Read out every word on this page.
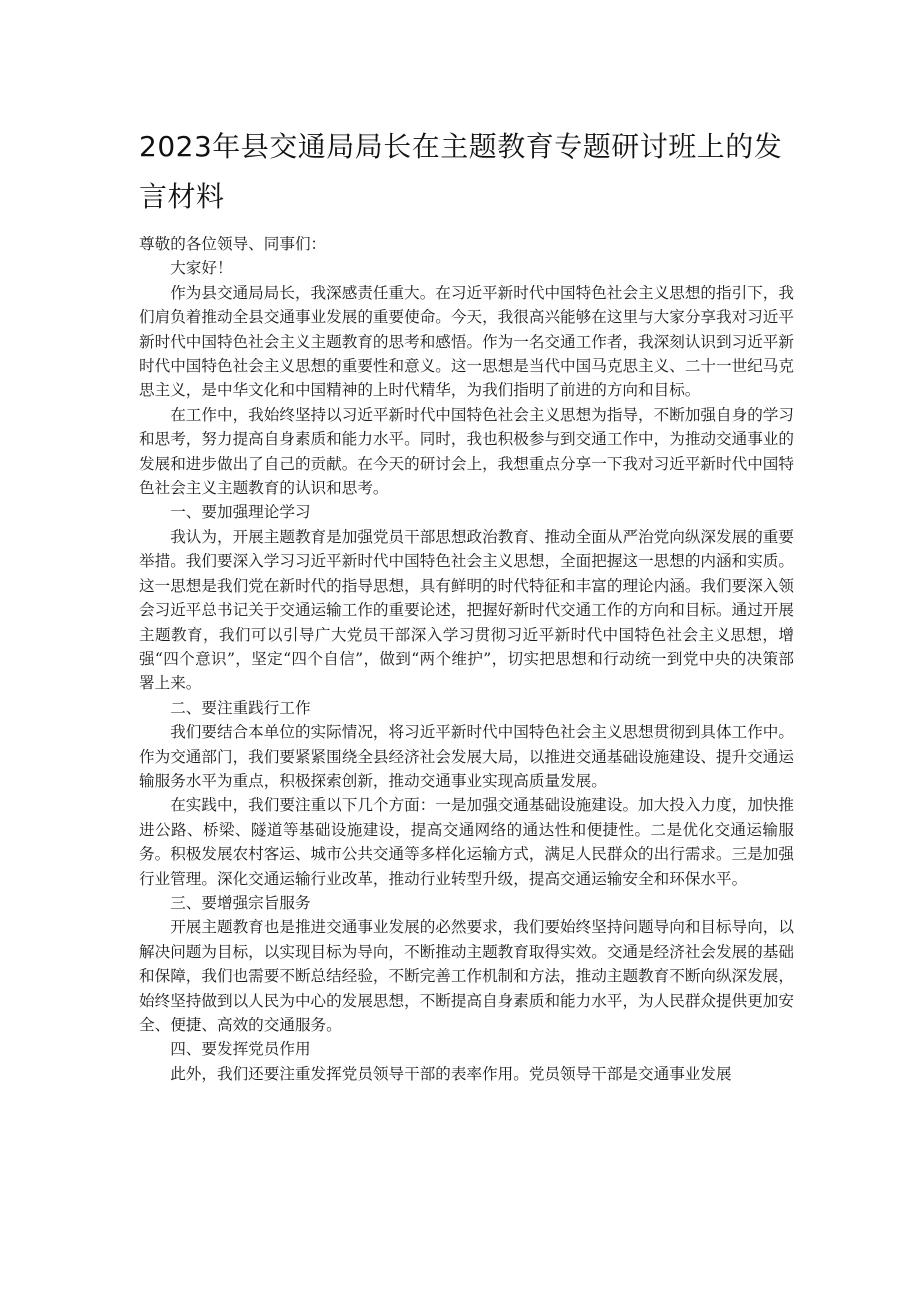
2023年县交通局局长在主题教育专题研讨班上的发言材料

尊敬的各位领导、同事们：

大家好！

作为县交通局局长，我深感责任重大。在习近平新时代中国特色社会主义思想的指引下，我们肩负着推动全县交通事业发展的重要使命。今天，我很高兴能够在这里与大家分享我对习近平新时代中国特色社会主义主题教育的思考和感悟。作为一名交通工作者，我深刻认识到习近平新时代中国特色社会主义思想的重要性和意义。这一思想是当代中国马克思主义、二十一世纪马克思主义，是中华文化和中国精神的上时代精华，为我们指明了前进的方向和目标。

在工作中，我始终坚持以习近平新时代中国特色社会主义思想为指导，不断加强自身的学习和思考，努力提高自身素质和能力水平。同时，我也积极参与到交通工作中，为推动交通事业的发展和进步做出了自己的贡献。在今天的研讨会上，我想重点分享一下我对习近平新时代中国特色社会主义主题教育的认识和思考。

一、要加强理论学习

我认为，开展主题教育是加强党员干部思想政治教育、推动全面从严治党向纵深发展的重要举措。我们要深入学习习近平新时代中国特色社会主义思想，全面把握这一思想的内涵和实质。这一思想是我们党在新时代的指导思想，具有鲜明的时代特征和丰富的理论内涵。我们要深入领会习近平总书记关于交通运输工作的重要论述，把握好新时代交通工作的方向和目标。通过开展主题教育，我们可以引导广大党员干部深入学习贯彻习近平新时代中国特色社会主义思想，增强“四个意识”，坚定“四个自信”，做到“两个维护”，切实把思想和行动统一到党中央的决策部署上来。

二、要注重践行工作

我们要结合本单位的实际情况，将习近平新时代中国特色社会主义思想贯彻到具体工作中。作为交通部门，我们要紧紧围绕全县经济社会发展大局，以推进交通基础设施建设、提升交通运输服务水平为重点，积极探索创新，推动交通事业实现高质量发展。

在实践中，我们要注重以下几个方面：一是加强交通基础设施建设。加大投入力度，加快推进公路、桥梁、隧道等基础设施建设，提高交通网络的通达性和便捷性。二是优化交通运输服务。积极发展农村客运、城市公共交通等多样化运输方式，满足人民群众的出行需求。三是加强行业管理。深化交通运输行业改革，推动行业转型升级，提高交通运输安全和环保水平。

三、要增强宗旨服务

开展主题教育也是推进交通事业发展的必然要求，我们要始终坚持问题导向和目标导向，以解决问题为目标，以实现目标为导向，不断推动主题教育取得实效。交通是经济社会发展的基础和保障，我们也需要不断总结经验，不断完善工作机制和方法，推动主题教育不断向纵深发展，始终坚持做到以人民为中心的发展思想，不断提高自身素质和能力水平，为人民群众提供更加安全、便捷、高效的交通服务。

四、要发挥党员作用

此外，我们还要注重发挥党员领导干部的表率作用。党员领导干部是交通事业发展
